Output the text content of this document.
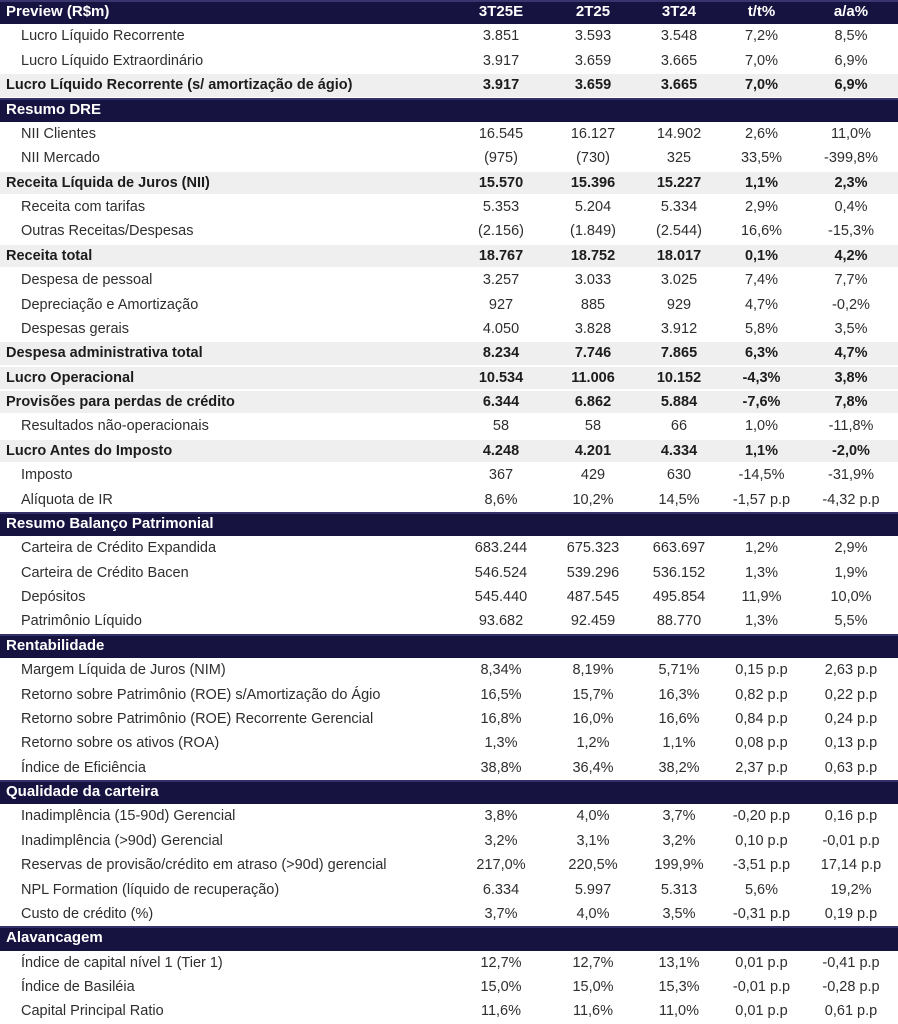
Preview (R$m)	3T25E	2T25	3T24	t/t%	a/a%
Lucro Líquido Recorrente	3.851	3.593	3.548	7,2%	8,5%
Lucro Líquido Extraordinário	3.917	3.659	3.665	7,0%	6,9%
Lucro Líquido Recorrente (s/ amortização de ágio)	3.917	3.659	3.665	7,0%	6,9%
Resumo DRE					
NII Clientes	16.545	16.127	14.902	2,6%	11,0%
NII Mercado	(975)	(730)	325	33,5%	-399,8%
Receita Líquida de Juros (NII)	15.570	15.396	15.227	1,1%	2,3%
Receita com tarifas	5.353	5.204	5.334	2,9%	0,4%
Outras Receitas/Despesas	(2.156)	(1.849)	(2.544)	16,6%	-15,3%
Receita total	18.767	18.752	18.017	0,1%	4,2%
Despesa de pessoal	3.257	3.033	3.025	7,4%	7,7%
Depreciação e Amortização	927	885	929	4,7%	-0,2%
Despesas gerais	4.050	3.828	3.912	5,8%	3,5%
Despesa administrativa total	8.234	7.746	7.865	6,3%	4,7%
Lucro Operacional	10.534	11.006	10.152	-4,3%	3,8%
Provisões para perdas de crédito	6.344	6.862	5.884	-7,6%	7,8%
Resultados não-operacionais	58	58	66	1,0%	-11,8%
Lucro Antes do Imposto	4.248	4.201	4.334	1,1%	-2,0%
Imposto	367	429	630	-14,5%	-31,9%
Alíquota de IR	8,6%	10,2%	14,5%	-1,57 p.p	-4,32 p.p
Resumo Balanço Patrimonial					
Carteira de Crédito Expandida	683.244	675.323	663.697	1,2%	2,9%
Carteira de Crédito Bacen	546.524	539.296	536.152	1,3%	1,9%
Depósitos	545.440	487.545	495.854	11,9%	10,0%
Patrimônio Líquido	93.682	92.459	88.770	1,3%	5,5%
Rentabilidade					
Margem Líquida de Juros (NIM)	8,34%	8,19%	5,71%	0,15 p.p	2,63 p.p
Retorno sobre Patrimônio (ROE) s/Amortização do Ágio	16,5%	15,7%	16,3%	0,82 p.p	0,22 p.p
Retorno sobre Patrimônio (ROE) Recorrente Gerencial	16,8%	16,0%	16,6%	0,84 p.p	0,24 p.p
Retorno sobre os ativos (ROA)	1,3%	1,2%	1,1%	0,08 p.p	0,13 p.p
Índice de Eficiência	38,8%	36,4%	38,2%	2,37 p.p	0,63 p.p
Qualidade da carteira					
Inadimplência (15-90d) Gerencial	3,8%	4,0%	3,7%	-0,20 p.p	0,16 p.p
Inadimplência (>90d) Gerencial	3,2%	3,1%	3,2%	0,10 p.p	-0,01 p.p
Reservas de provisão/crédito em atraso (>90d) gerencial	217,0%	220,5%	199,9%	-3,51 p.p	17,14 p.p
NPL Formation (líquido de recuperação)	6.334	5.997	5.313	5,6%	19,2%
Custo de crédito (%)	3,7%	4,0%	3,5%	-0,31 p.p	0,19 p.p
Alavancagem					
Índice de capital nível 1 (Tier 1)	12,7%	12,7%	13,1%	0,01 p.p	-0,41 p.p
Índice de Basiléia	15,0%	15,0%	15,3%	-0,01 p.p	-0,28 p.p
Capital Principal Ratio	11,6%	11,6%	11,0%	0,01 p.p	0,61 p.p
